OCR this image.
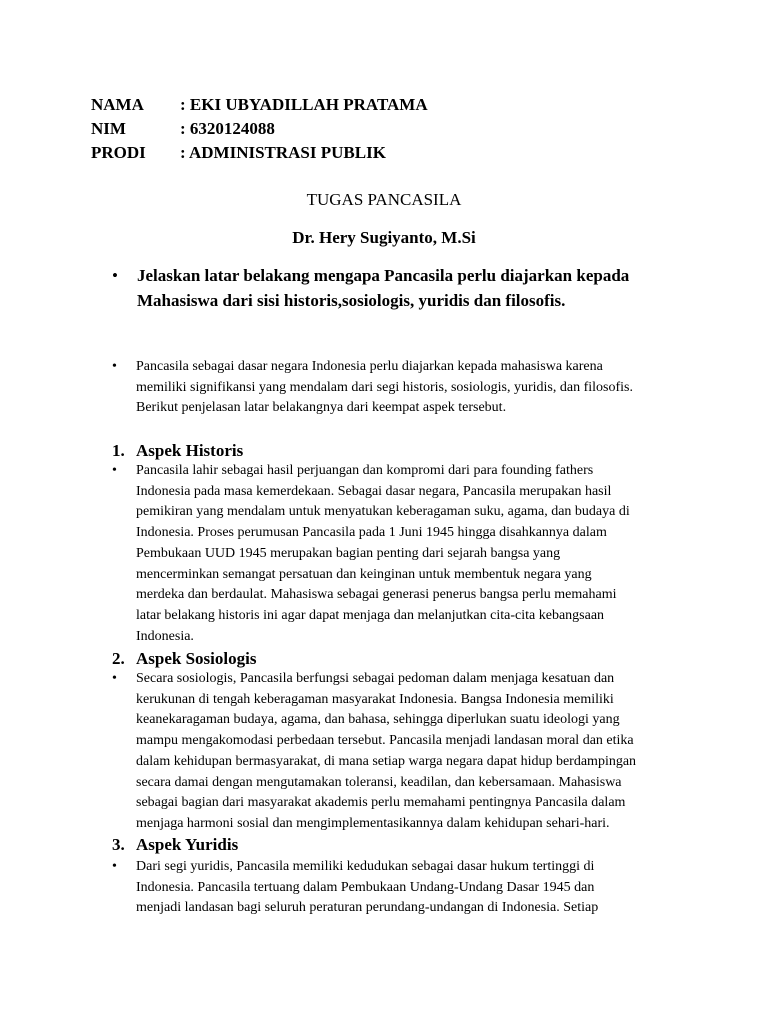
NAMA : EKI UBYADILLAH PRATAMA
NIM	: 6320124088
PRODI : ADMINISTRASI PUBLIK
TUGAS PANCASILA
Dr. Hery Sugiyanto, M.Si
• Jelaskan latar belakang mengapa Pancasila perlu diajarkan kepada
Mahasiswa dari sisi historis,sosiologis, yuridis dan filosofis.
• Pancasila sebagai dasar negara Indonesia perlu diajarkan kepada mahasiswa karena
memiliki signifikansi yang mendalam dari segi historis, sosiologis, yuridis, dan filosofis.
Berikut penjelasan latar belakangnya dari keempat aspek tersebut.
1. Aspek Historis
• Pancasila lahir sebagai hasil perjuangan dan kompromi dari para founding fathers
Indonesia pada masa kemerdekaan. Sebagai dasar negara, Pancasila merupakan hasil
pemikiran yang mendalam untuk menyatukan keberagaman suku, agama, dan budaya di
Indonesia. Proses perumusan Pancasila pada 1 Juni 1945 hingga disahkannya dalam
Pembukaan UUD 1945 merupakan bagian penting dari sejarah bangsa yang
mencerminkan semangat persatuan dan keinginan untuk membentuk negara yang
merdeka dan berdaulat. Mahasiswa sebagai generasi penerus bangsa perlu memahami
latar belakang historis ini agar dapat menjaga dan melanjutkan cita-cita kebangsaan
Indonesia.
2. Aspek Sosiologis
• Secara sosiologis, Pancasila berfungsi sebagai pedoman dalam menjaga kesatuan dan
kerukunan di tengah keberagaman masyarakat Indonesia. Bangsa Indonesia memiliki
keanekaragaman budaya, agama, dan bahasa, sehingga diperlukan suatu ideologi yang
mampu mengakomodasi perbedaan tersebut. Pancasila menjadi landasan moral dan etika
dalam kehidupan bermasyarakat, di mana setiap warga negara dapat hidup berdampingan
secara damai dengan mengutamakan toleransi, keadilan, dan kebersamaan. Mahasiswa
sebagai bagian dari masyarakat akademis perlu memahami pentingnya Pancasila dalam
menjaga harmoni sosial dan mengimplementasikannya dalam kehidupan sehari-hari.
3. Aspek Yuridis
• Dari segi yuridis, Pancasila memiliki kedudukan sebagai dasar hukum tertinggi di
Indonesia. Pancasila tertuang dalam Pembukaan Undang-Undang Dasar 1945 dan
menjadi landasan bagi seluruh peraturan perundang-undangan di Indonesia. Setiap
